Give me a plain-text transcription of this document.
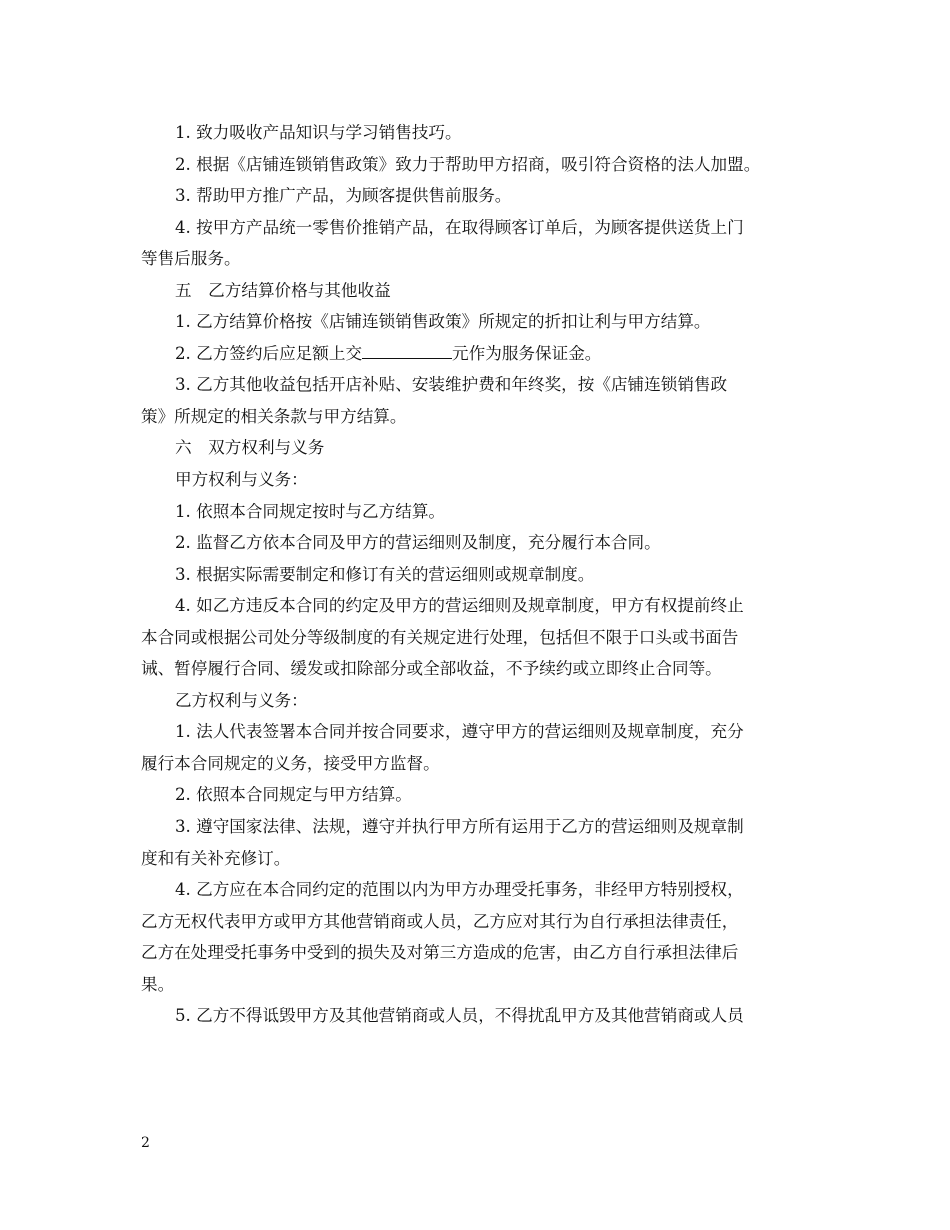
1. 致力吸收产品知识与学习销售技巧。
2. 根据《店铺连锁销售政策》致力于帮助甲方招商，吸引符合资格的法人加盟。
3. 帮助甲方推广产品，为顾客提供售前服务。
4. 按甲方产品统一零售价推销产品，在取得顾客订单后，为顾客提供送货上门
等售后服务。
五　乙方结算价格与其他收益
1. 乙方结算价格按《店铺连锁销售政策》所规定的折扣让利与甲方结算。
2. 乙方签约后应足额上交	元作为服务保证金。
3. 乙方其他收益包括开店补贴、安装维护费和年终奖，按《店铺连锁销售政
策》所规定的相关条款与甲方结算。
六　双方权利与义务
甲方权利与义务：
1. 依照本合同规定按时与乙方结算。
2. 监督乙方依本合同及甲方的营运细则及制度，充分履行本合同。
3. 根据实际需要制定和修订有关的营运细则或规章制度。
4. 如乙方违反本合同的约定及甲方的营运细则及规章制度，甲方有权提前终止
本合同或根据公司处分等级制度的有关规定进行处理，包括但不限于口头或书面告
诫、暂停履行合同、缓发或扣除部分或全部收益，不予续约或立即终止合同等。
乙方权利与义务：
1. 法人代表签署本合同并按合同要求，遵守甲方的营运细则及规章制度，充分
履行本合同规定的义务，接受甲方监督。
2. 依照本合同规定与甲方结算。
3. 遵守国家法律、法规，遵守并执行甲方所有运用于乙方的营运细则及规章制
度和有关补充修订。
4. 乙方应在本合同约定的范围以内为甲方办理受托事务，非经甲方特别授权，
乙方无权代表甲方或甲方其他营销商或人员，乙方应对其行为自行承担法律责任，
乙方在处理受托事务中受到的损失及对第三方造成的危害，由乙方自行承担法律后
果。
5. 乙方不得诋毁甲方及其他营销商或人员，不得扰乱甲方及其他营销商或人员
2
